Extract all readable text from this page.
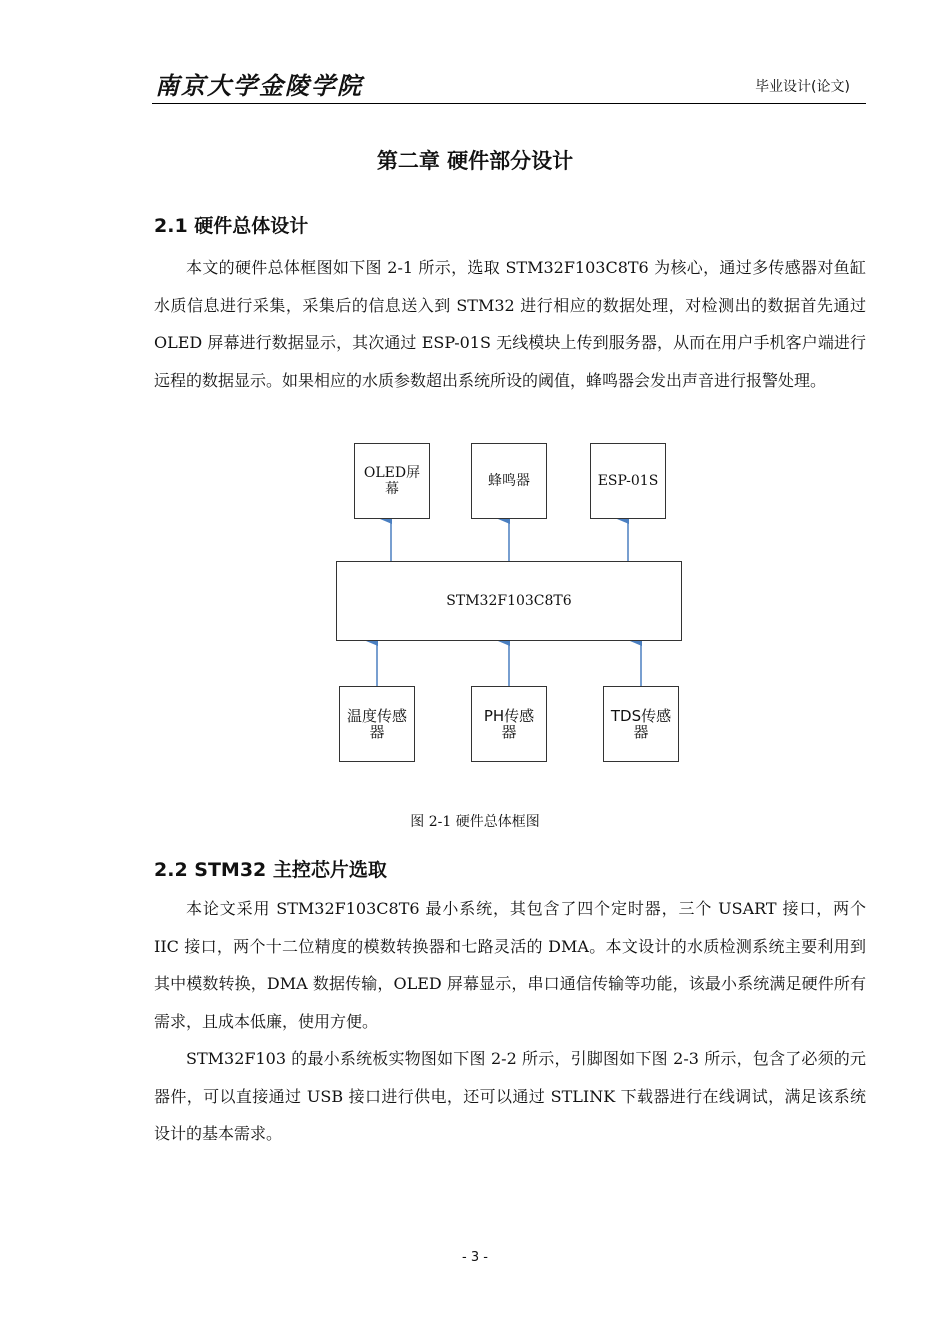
南京大学金陵学院	毕业设计(论文)
第二章 硬件部分设计
2.1 硬件总体设计

本文的硬件总体框图如下图 2-1 所示，选取 STM32F103C8T6 为核心，通过多传感器对鱼缸水质信息进行采集，采集后的信息送入到 STM32 进行相应的数据处理，对检测出的数据首先通过 OLED 屏幕进行数据显示，其次通过 ESP-01S 无线模块上传到服务器，从而在用户手机客户端进行远程的数据显示。如果相应的水质参数超出系统所设的阈值，蜂鸣器会发出声音进行报警处理。

OLED屏幕	蜂鸣器	ESP-01S
STM32F103C8T6
温度传感器
PH传感器
TDS传感器
图 2-1 硬件总体框图
2.2 STM32 主控芯片选取

本论文采用 STM32F103C8T6 最小系统，其包含了四个定时器，三个 USART 接口，两个 IIC 接口，两个十二位精度的模数转换器和七路灵活的 DMA。本文设计的水质检测系统主要利用到其中模数转换，DMA 数据传输，OLED 屏幕显示，串口通信传输等功能，该最小系统满足硬件所有需求，且成本低廉，使用方便。

STM32F103 的最小系统板实物图如下图 2-2 所示，引脚图如下图 2-3 所示，包含了必须的元器件，可以直接通过 USB 接口进行供电，还可以通过 STLINK 下载器进行在线调试，满足该系统设计的基本需求。

- 3 -
